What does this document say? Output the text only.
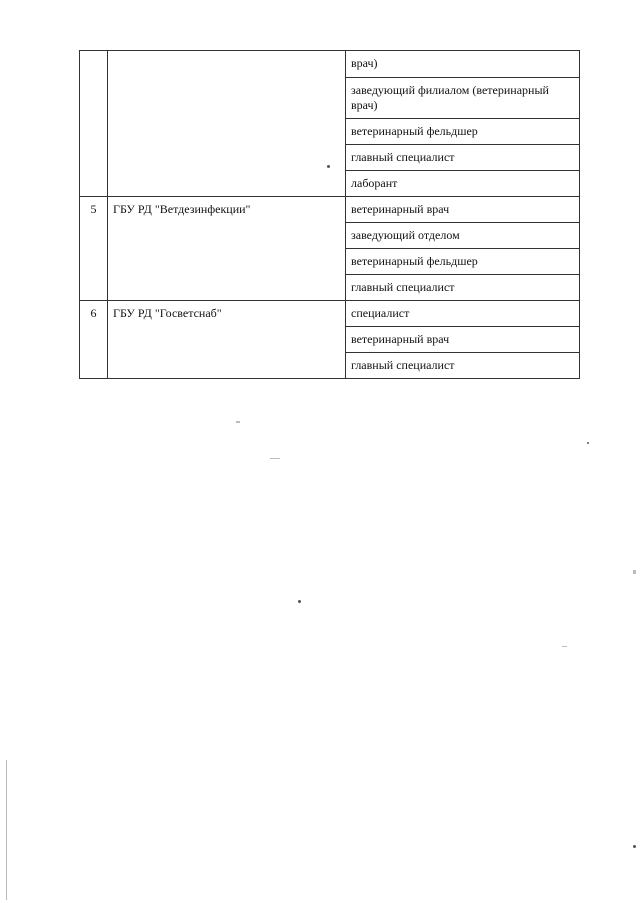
		врач)
		заведующий филиалом (ветеринарный врач)
		ветеринарный фельдшер
		главный специалист
		лаборант
5	ГБУ РД "Ветдезинфекции"	ветеринарный врач
		заведующий отделом
		ветеринарный фельдшер
		главный специалист
6	ГБУ РД "Госветснаб"	специалист
		ветеринарный врач
		главный специалист
